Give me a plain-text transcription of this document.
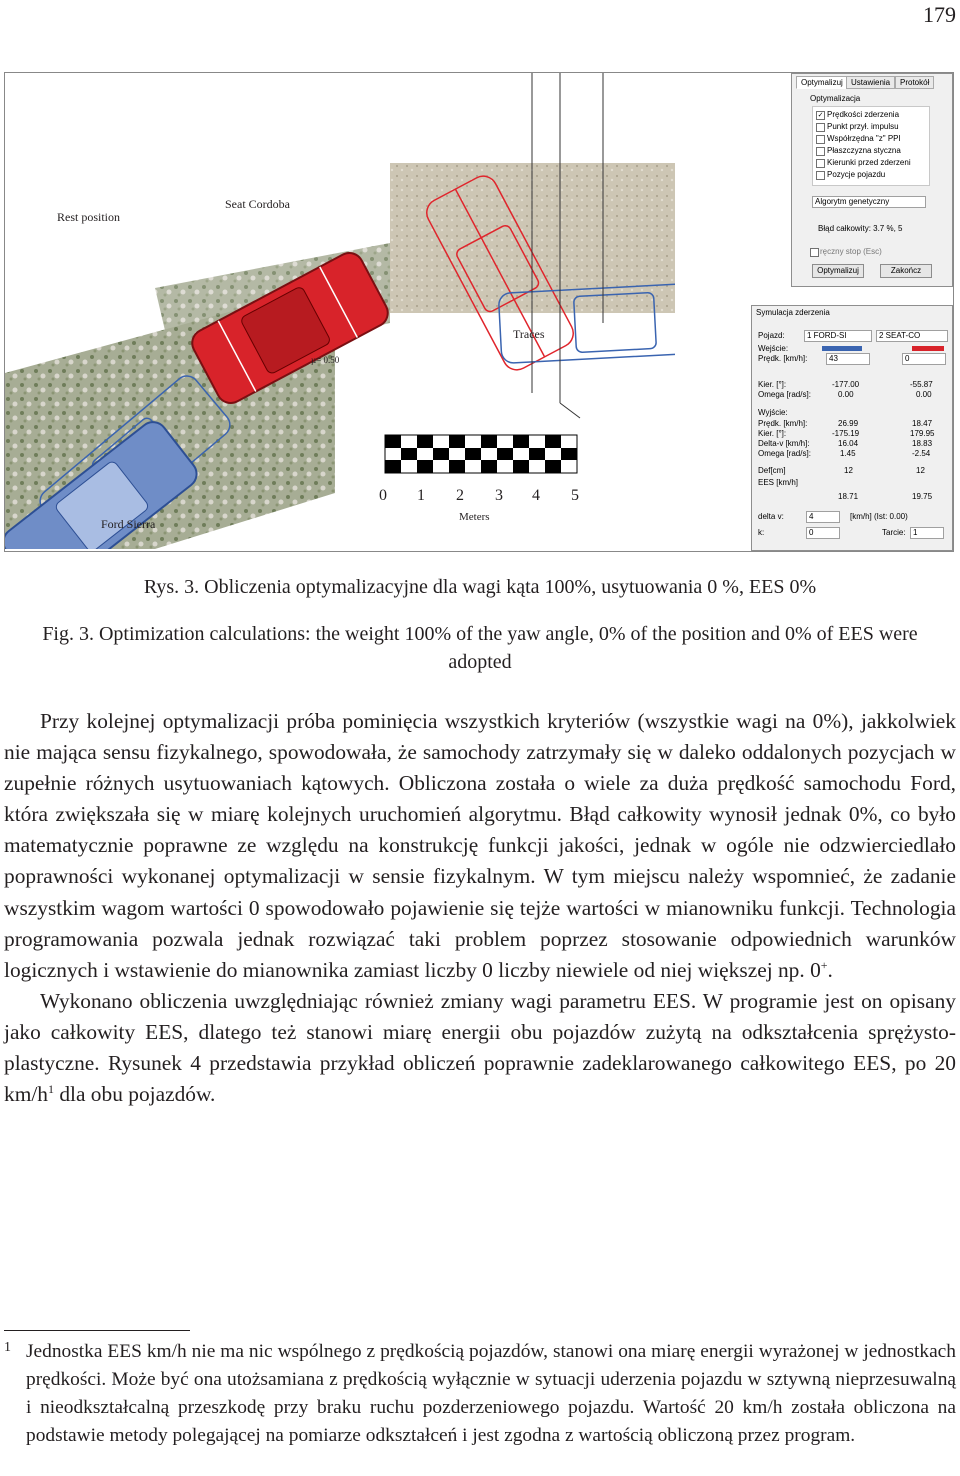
179
Rest position
Seat Cordoba
Traces
µ= 0.50
Ford Sierra	Meters
0 1 2 3 4 5
Optymalizuj	Ustawienia	Protokół
Optymalizacja
✓ Prędkości zderzenia
Punkt przył. impulsu
Współrzędna "z" PPI
Płaszczyzna styczna
Kierunki przed zderzeni
Pozycje pojazdu
Algorytm genetyczny
Błąd całkowity: 3.7 %, 5
ręczny stop (Esc)
Optymalizuj	Zakończ
Symulacja zderzenia
Pojazd:	1 FORD-SI	2 SEAT-CO
Wejście:
Prędk. [km/h]:	43	0
Kier. [°]:	-177.00	-55.87
Omega [rad/s]:	0.00	0.00
Wyjście:
Prędk. [km/h]:	26.99	18.47
Kier. [°]:	-175.19	179.95
Delta-v [km/h]:	16.04	18.83
Omega [rad/s]:	1.45	-2.54
Def[cm]	12	12
EES [km/h]
18.71	19.75
delta v:	4	[km/h] (Ist: 0.00)
k:	0	Tarcie: 1
Rys. 3. Obliczenia optymalizacyjne dla wagi kąta 100%, usytuowania 0 %, EES 0%
Fig. 3. Optimization calculations: the weight 100% of the yaw angle, 0% of the position and 0% of EES were adopted

Przy kolejnej optymalizacji próba pominięcia wszystkich kryteriów (wszystkie wagi na 0%), jakkolwiek nie mająca sensu fizykalnego, spowodowała, że samochody zatrzymały się w daleko oddalonych pozycjach w zupełnie różnych usytuowaniach kątowych. Obliczona została o wiele za duża prędkość samochodu Ford, która zwiększała się w miarę kolejnych uruchomień algorytmu. Błąd całkowity wynosił jednak 0%, co było matematycznie poprawne ze względu na konstrukcję funkcji jakości, jednak w ogóle nie odzwierciedlało poprawności wykonanej optymalizacji w sensie fizykalnym. W tym miejscu należy wspomnieć, że zadanie wszystkim wagom wartości 0 spowodowało pojawienie się tejże wartości w mianowniku funkcji. Technologia programowania pozwala jednak rozwiązać taki problem poprzez stosowanie odpowiednich warunków logicznych i wstawienie do mianownika zamiast liczby 0 liczby niewiele od niej większej np. 0+.

Wykonano obliczenia uwzględniając również zmiany wagi parametru EES. W programie jest on opisany jako całkowity EES, dlatego też stanowi miarę energii obu pojazdów zużytą na odkształcenia sprężysto-plastyczne. Rysunek 4 przedstawia przykład obliczeń poprawnie zadeklarowanego całkowitego EES, po 20 $km/h^1$ dla obu pojazdów.

1 Jednostka EES km/h nie ma nic wspólnego z prędkością pojazdów, stanowi ona miarę energii wyrażonej w jednostkach prędkości. Może być ona utożsamiana z prędkością wyłącznie w sytuacji uderzenia pojazdu w sztywną nieprzesuwalną i nieodkształcalną przeszkodę przy braku ruchu pozderzeniowego pojazdu. Wartość 20 km/h została obliczona na podstawie metody polegającej na pomiarze odkształceń i jest zgodna z wartością obliczoną przez program.
